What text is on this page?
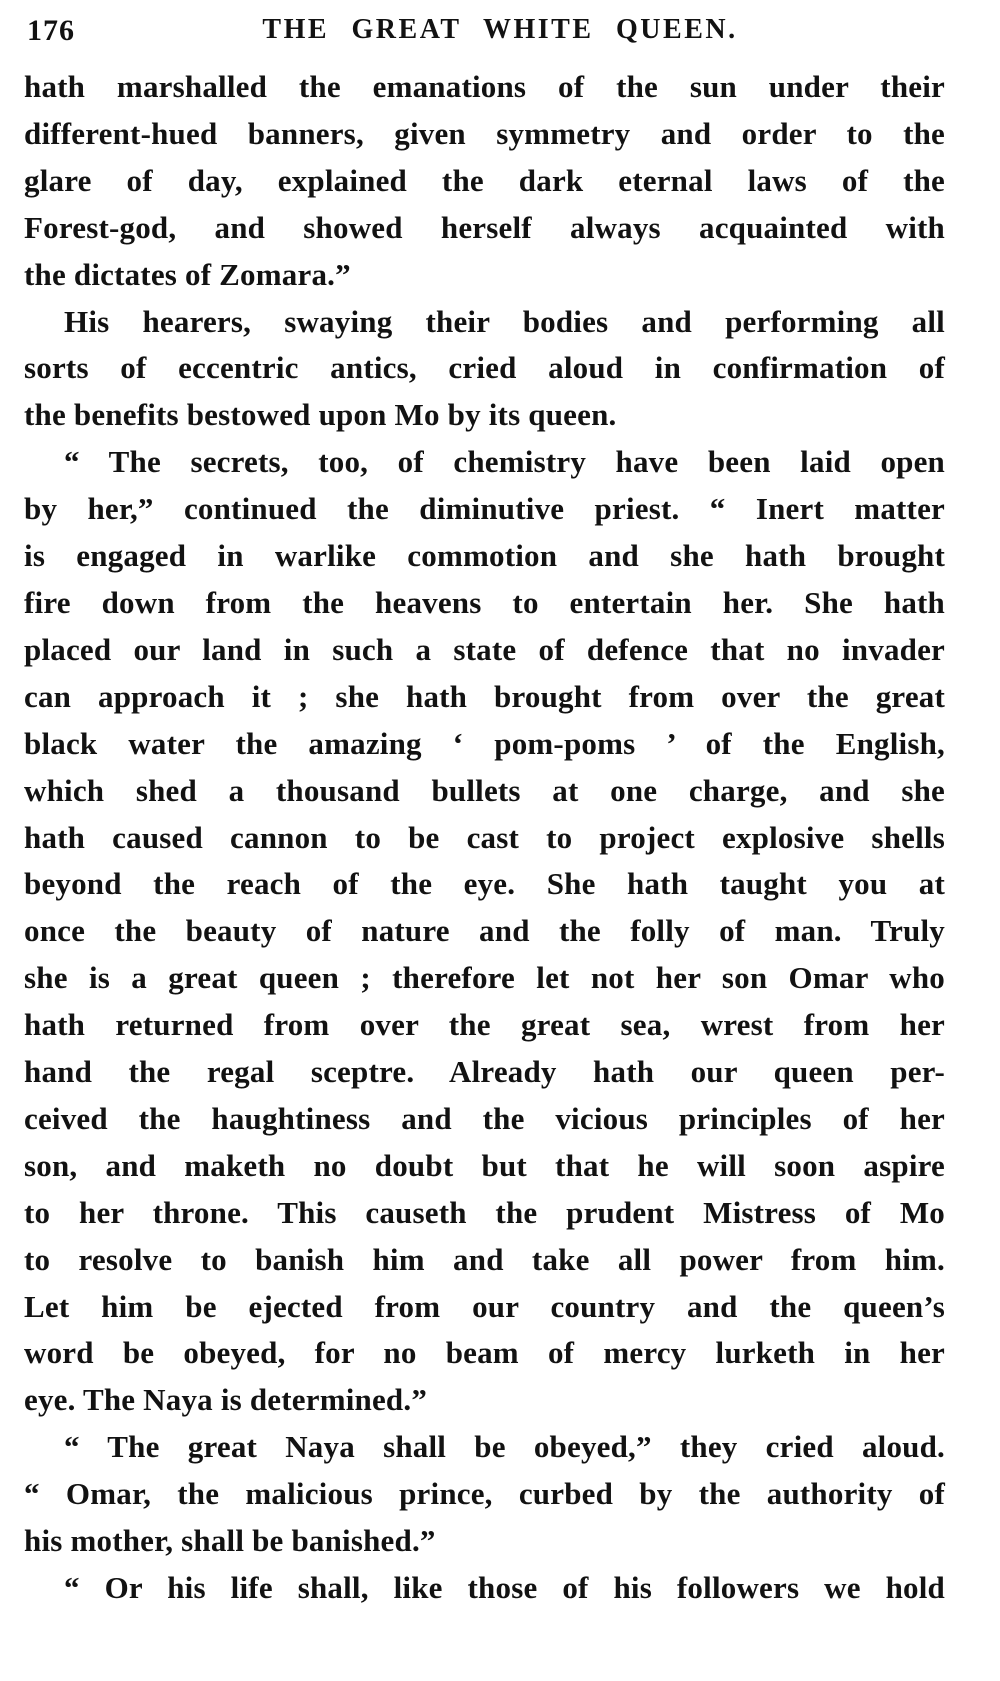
176	THE GREAT WHITE QUEEN.
hath marshalled the emanations of the sun under their
different-hued banners, given symmetry and order to the
glare of day, explained the dark eternal laws of the
Forest-god, and showed herself always acquainted with
the dictates of Zomara.”
His hearers, swaying their bodies and performing all
sorts of eccentric antics, cried aloud in confirmation of
the benefits bestowed upon Mo by its queen.
“ The secrets, too, of chemistry have been laid open
by her,” continued the diminutive priest. “ Inert matter
is engaged in warlike commotion and she hath brought
fire down from the heavens to entertain her. She hath
placed our land in such a state of defence that no invader
can approach it ; she hath brought from over the great
black water the amazing ‘ pom-poms ’ of the English,
which shed a thousand bullets at one charge, and she
hath caused cannon to be cast to project explosive shells
beyond the reach of the eye. She hath taught you at
once the beauty of nature and the folly of man. Truly
she is a great queen ; therefore let not her son Omar who
hath returned from over the great sea, wrest from her
hand the regal sceptre. Already hath our queen per-
ceived the haughtiness and the vicious principles of her
son, and maketh no doubt but that he will soon aspire
to her throne. This causeth the prudent Mistress of Mo
to resolve to banish him and take all power from him.
Let him be ejected from our country and the queen’s
word be obeyed, for no beam of mercy lurketh in her
eye. The Naya is determined.”
“ The great Naya shall be obeyed,” they cried aloud.
“ Omar, the malicious prince, curbed by the authority of
his mother, shall be banished.”
“ Or his life shall, like those of his followers we hold
